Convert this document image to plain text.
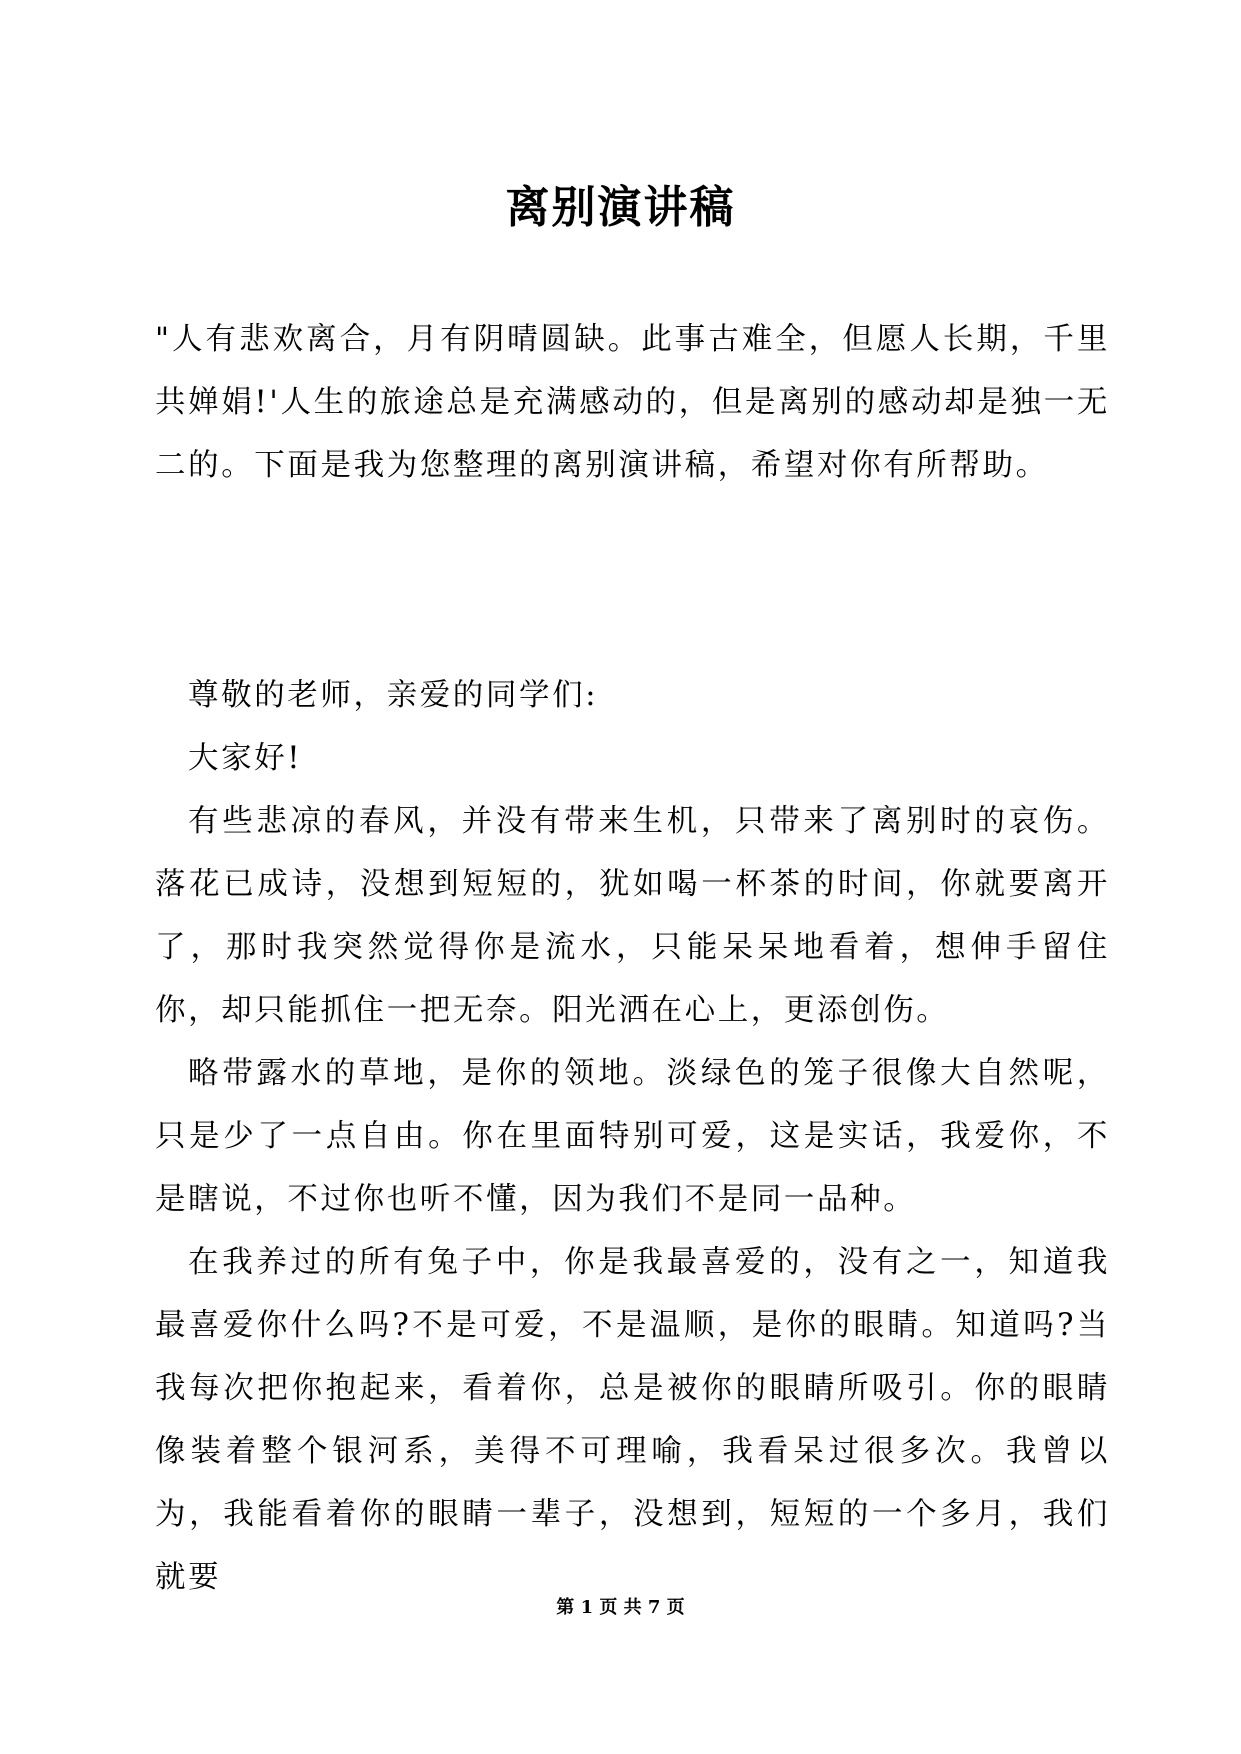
离别演讲稿
"人有悲欢离合，月有阴晴圆缺。此事古难全，但愿人长期，千里共婵娟!'人生的旅途总是充满感动的，但是离别的感动却是独一无二的。下面是我为您整理的离别演讲稿，希望对你有所帮助。

尊敬的老师，亲爱的同学们:

大家好!

有些悲凉的春风，并没有带来生机，只带来了离别时的哀伤。落花已成诗，没想到短短的，犹如喝一杯茶的时间，你就要离开了，那时我突然觉得你是流水，只能呆呆地看着，想伸手留住你，却只能抓住一把无奈。阳光洒在心上，更添创伤。

略带露水的草地，是你的领地。淡绿色的笼子很像大自然呢，只是少了一点自由。你在里面特别可爱，这是实话，我爱你，不是瞎说，不过你也听不懂，因为我们不是同一品种。

在我养过的所有兔子中，你是我最喜爱的，没有之一，知道我最喜爱你什么吗?不是可爱，不是温顺，是你的眼睛。知道吗?当我每次把你抱起来，看着你，总是被你的眼睛所吸引。你的眼睛像装着整个银河系，美得不可理喻，我看呆过很多次。我曾以为，我能看着你的眼睛一辈子，没想到，短短的一个多月，我们就要

第 1 页 共 7 页
